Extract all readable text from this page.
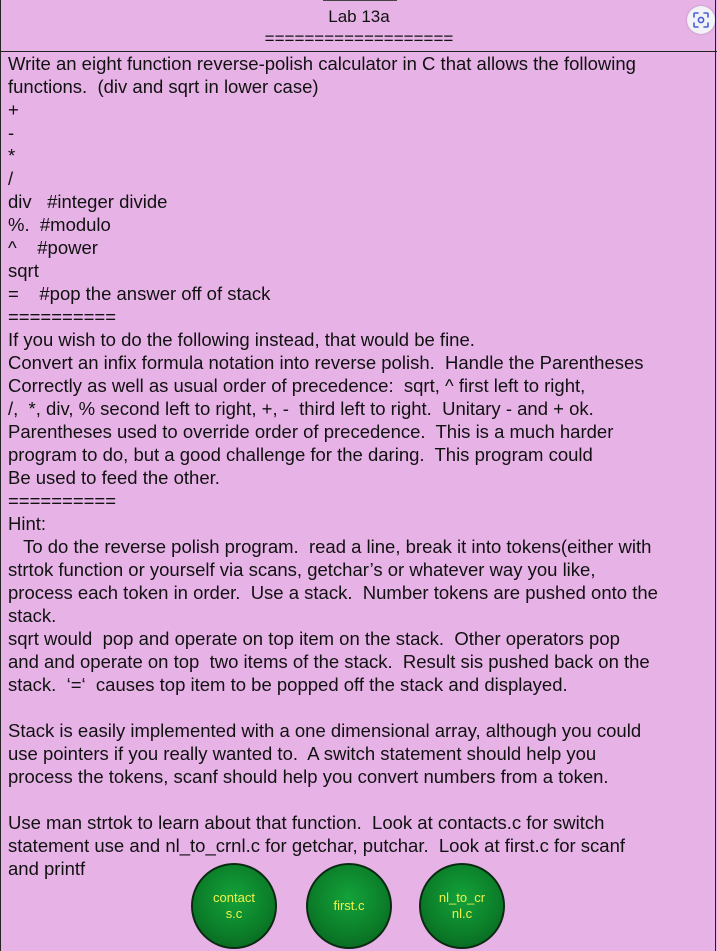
Lab 13a
===================
Write an eight function reverse-polish calculator in C that allows the following
functions.  (div and sqrt in lower case)
+
-
*
/
div   #integer divide
%.  #modulo
^    #power
sqrt
=    #pop the answer off of stack
==========
If you wish to do the following instead, that would be fine.
Convert an infix formula notation into reverse polish.  Handle the Parentheses
Correctly as well as usual order of precedence:  sqrt, ^ first left to right,
/,  *, div, % second left to right, +, -  third left to right.  Unitary - and + ok.
Parentheses used to override order of precedence.  This is a much harder
program to do, but a good challenge for the daring.  This program could
Be used to feed the other.
==========
Hint:
To do the reverse polish program.  read a line, break it into tokens(either with
strtok function or yourself via scans, getchar’s or whatever way you like,
process each token in order.  Use a stack.  Number tokens are pushed onto the
stack.
sqrt would  pop and operate on top item on the stack.  Other operators pop
and and operate on top  two items of the stack.  Result sis pushed back on the
stack.  ‘=‘  causes top item to be popped off the stack and displayed.
Stack is easily implemented with a one dimensional array, although you could
use pointers if you really wanted to.  A switch statement should help you
process the tokens, scanf should help you convert numbers from a token.
Use man strtok to learn about that function.  Look at contacts.c for switch
statement use and nl_to_crnl.c for getchar, putchar.  Look at first.c for scanf
and printf
contact s.c
first.c
nl_to_cr nl.c
